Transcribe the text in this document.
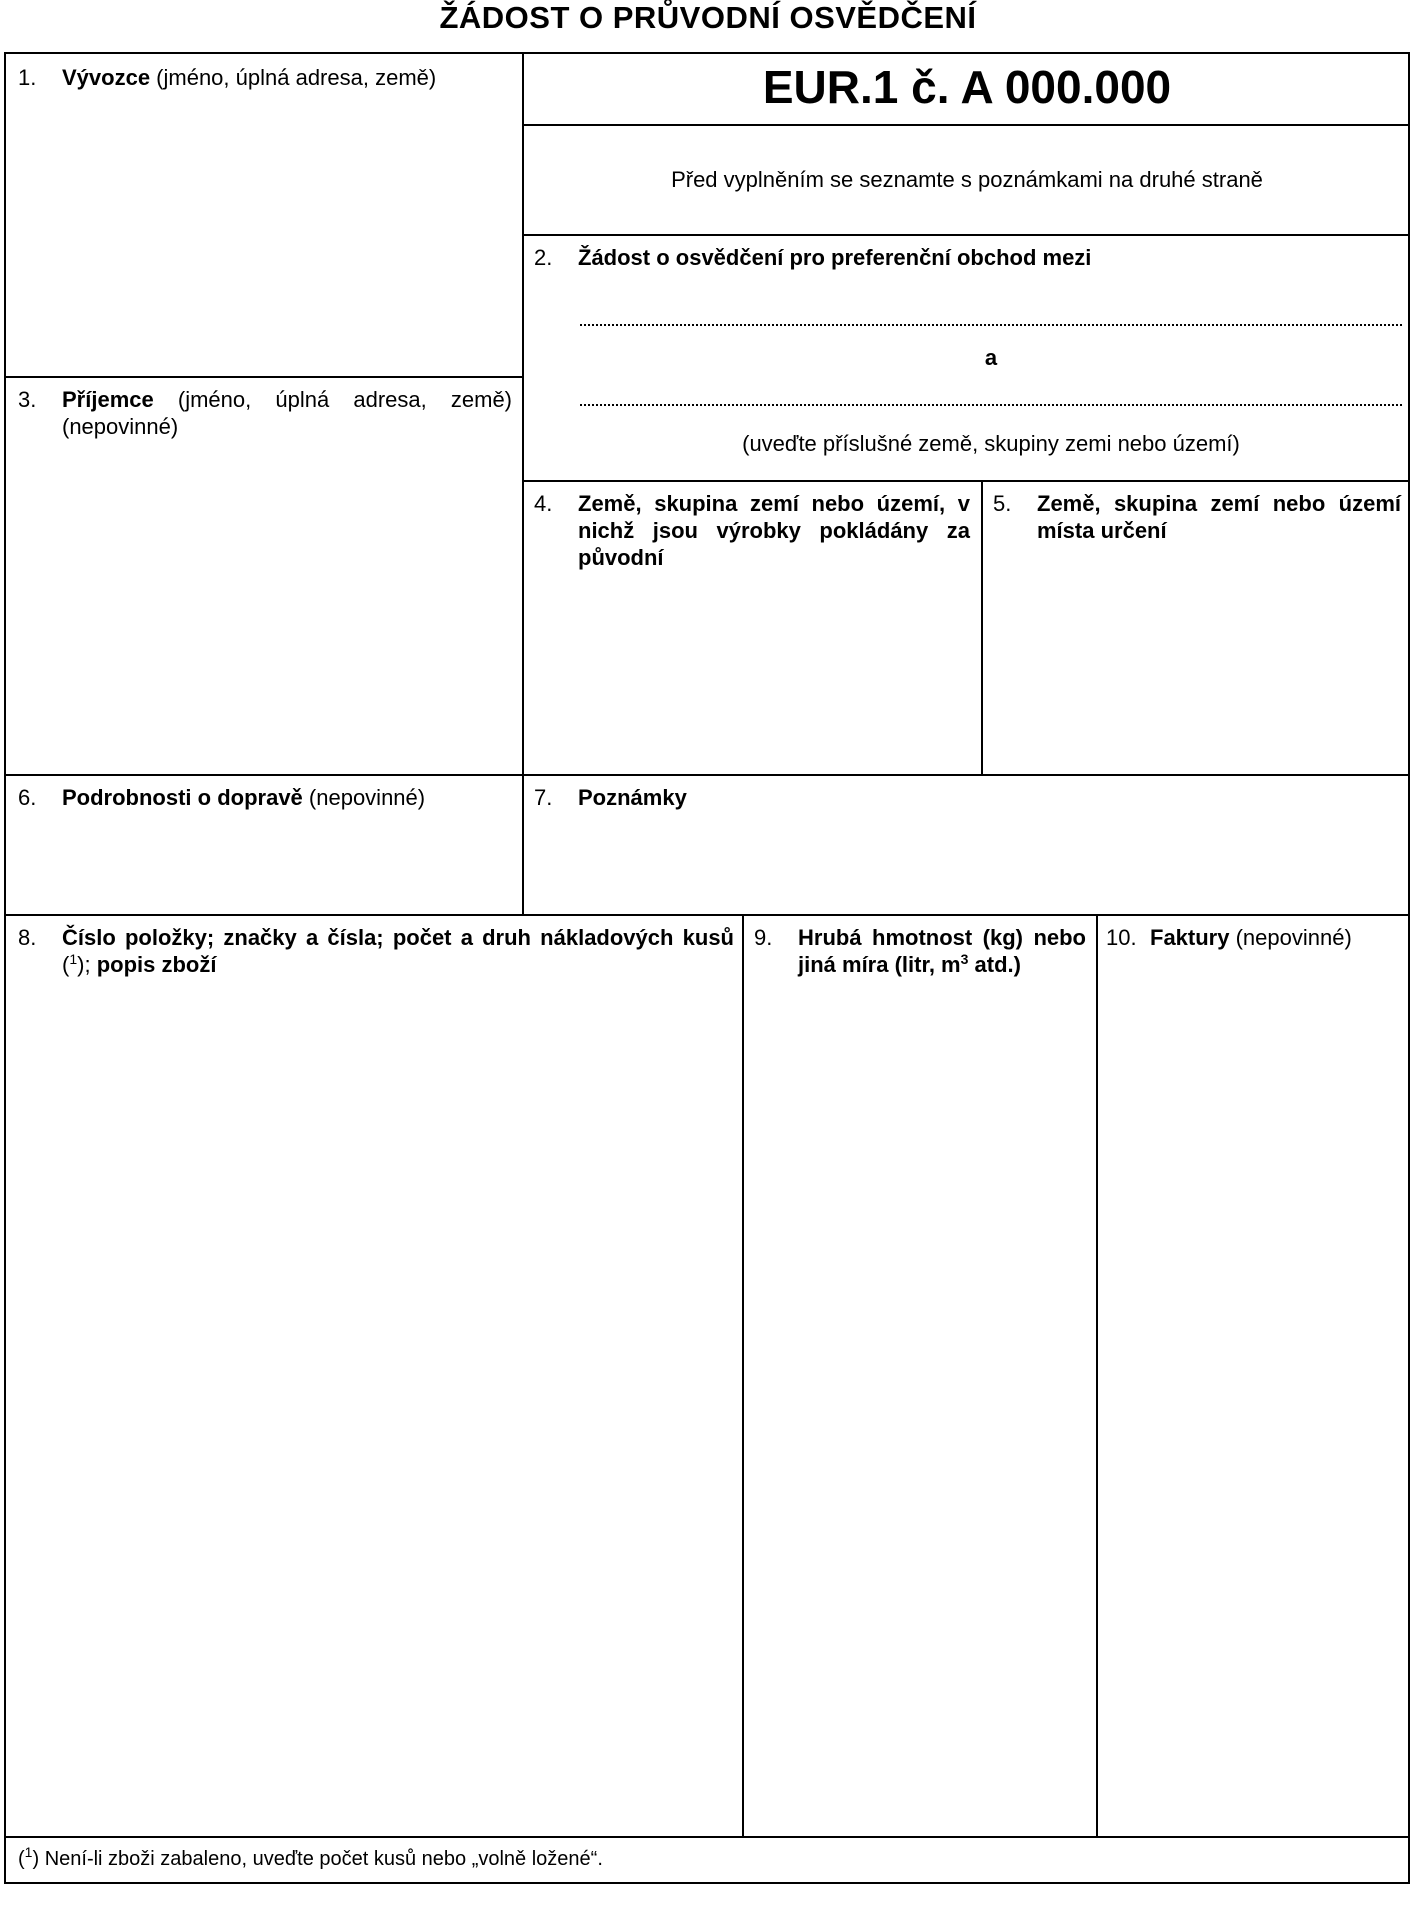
ŽÁDOST O PRŮVODNÍ OSVĚDČENÍ
1. Vývozce (jméno, úplná adresa, země)	EUR.1 č. A 000.000
Před vyplněním se seznamte s poznámkami na druhé straně
2. Žádost o osvědčení pro preferenční obchod mezi
a
(uveďte příslušné země, skupiny zemi nebo území)
3. Příjemce (jméno, úplná adresa, země) (nepovinné)
4. Země, skupina zemí nebo území, v nichž jsou výrobky pokládány za původní
5. Země, skupina zemí nebo území místa určení
6. Podrobnosti o dopravě (nepovinné)	7. Poznámky
8. Číslo položky; značky a čísla; počet a druh nákladových kusů ($^1$); popis zboží
9. Hrubá hmotnost (kg) nebo jiná míra (litr, $m^3$ atd.)
10. Faktury (nepovinné)
($^1$) Není-li zboži zabaleno, uveďte počet kusů nebo „volně ložené“.
